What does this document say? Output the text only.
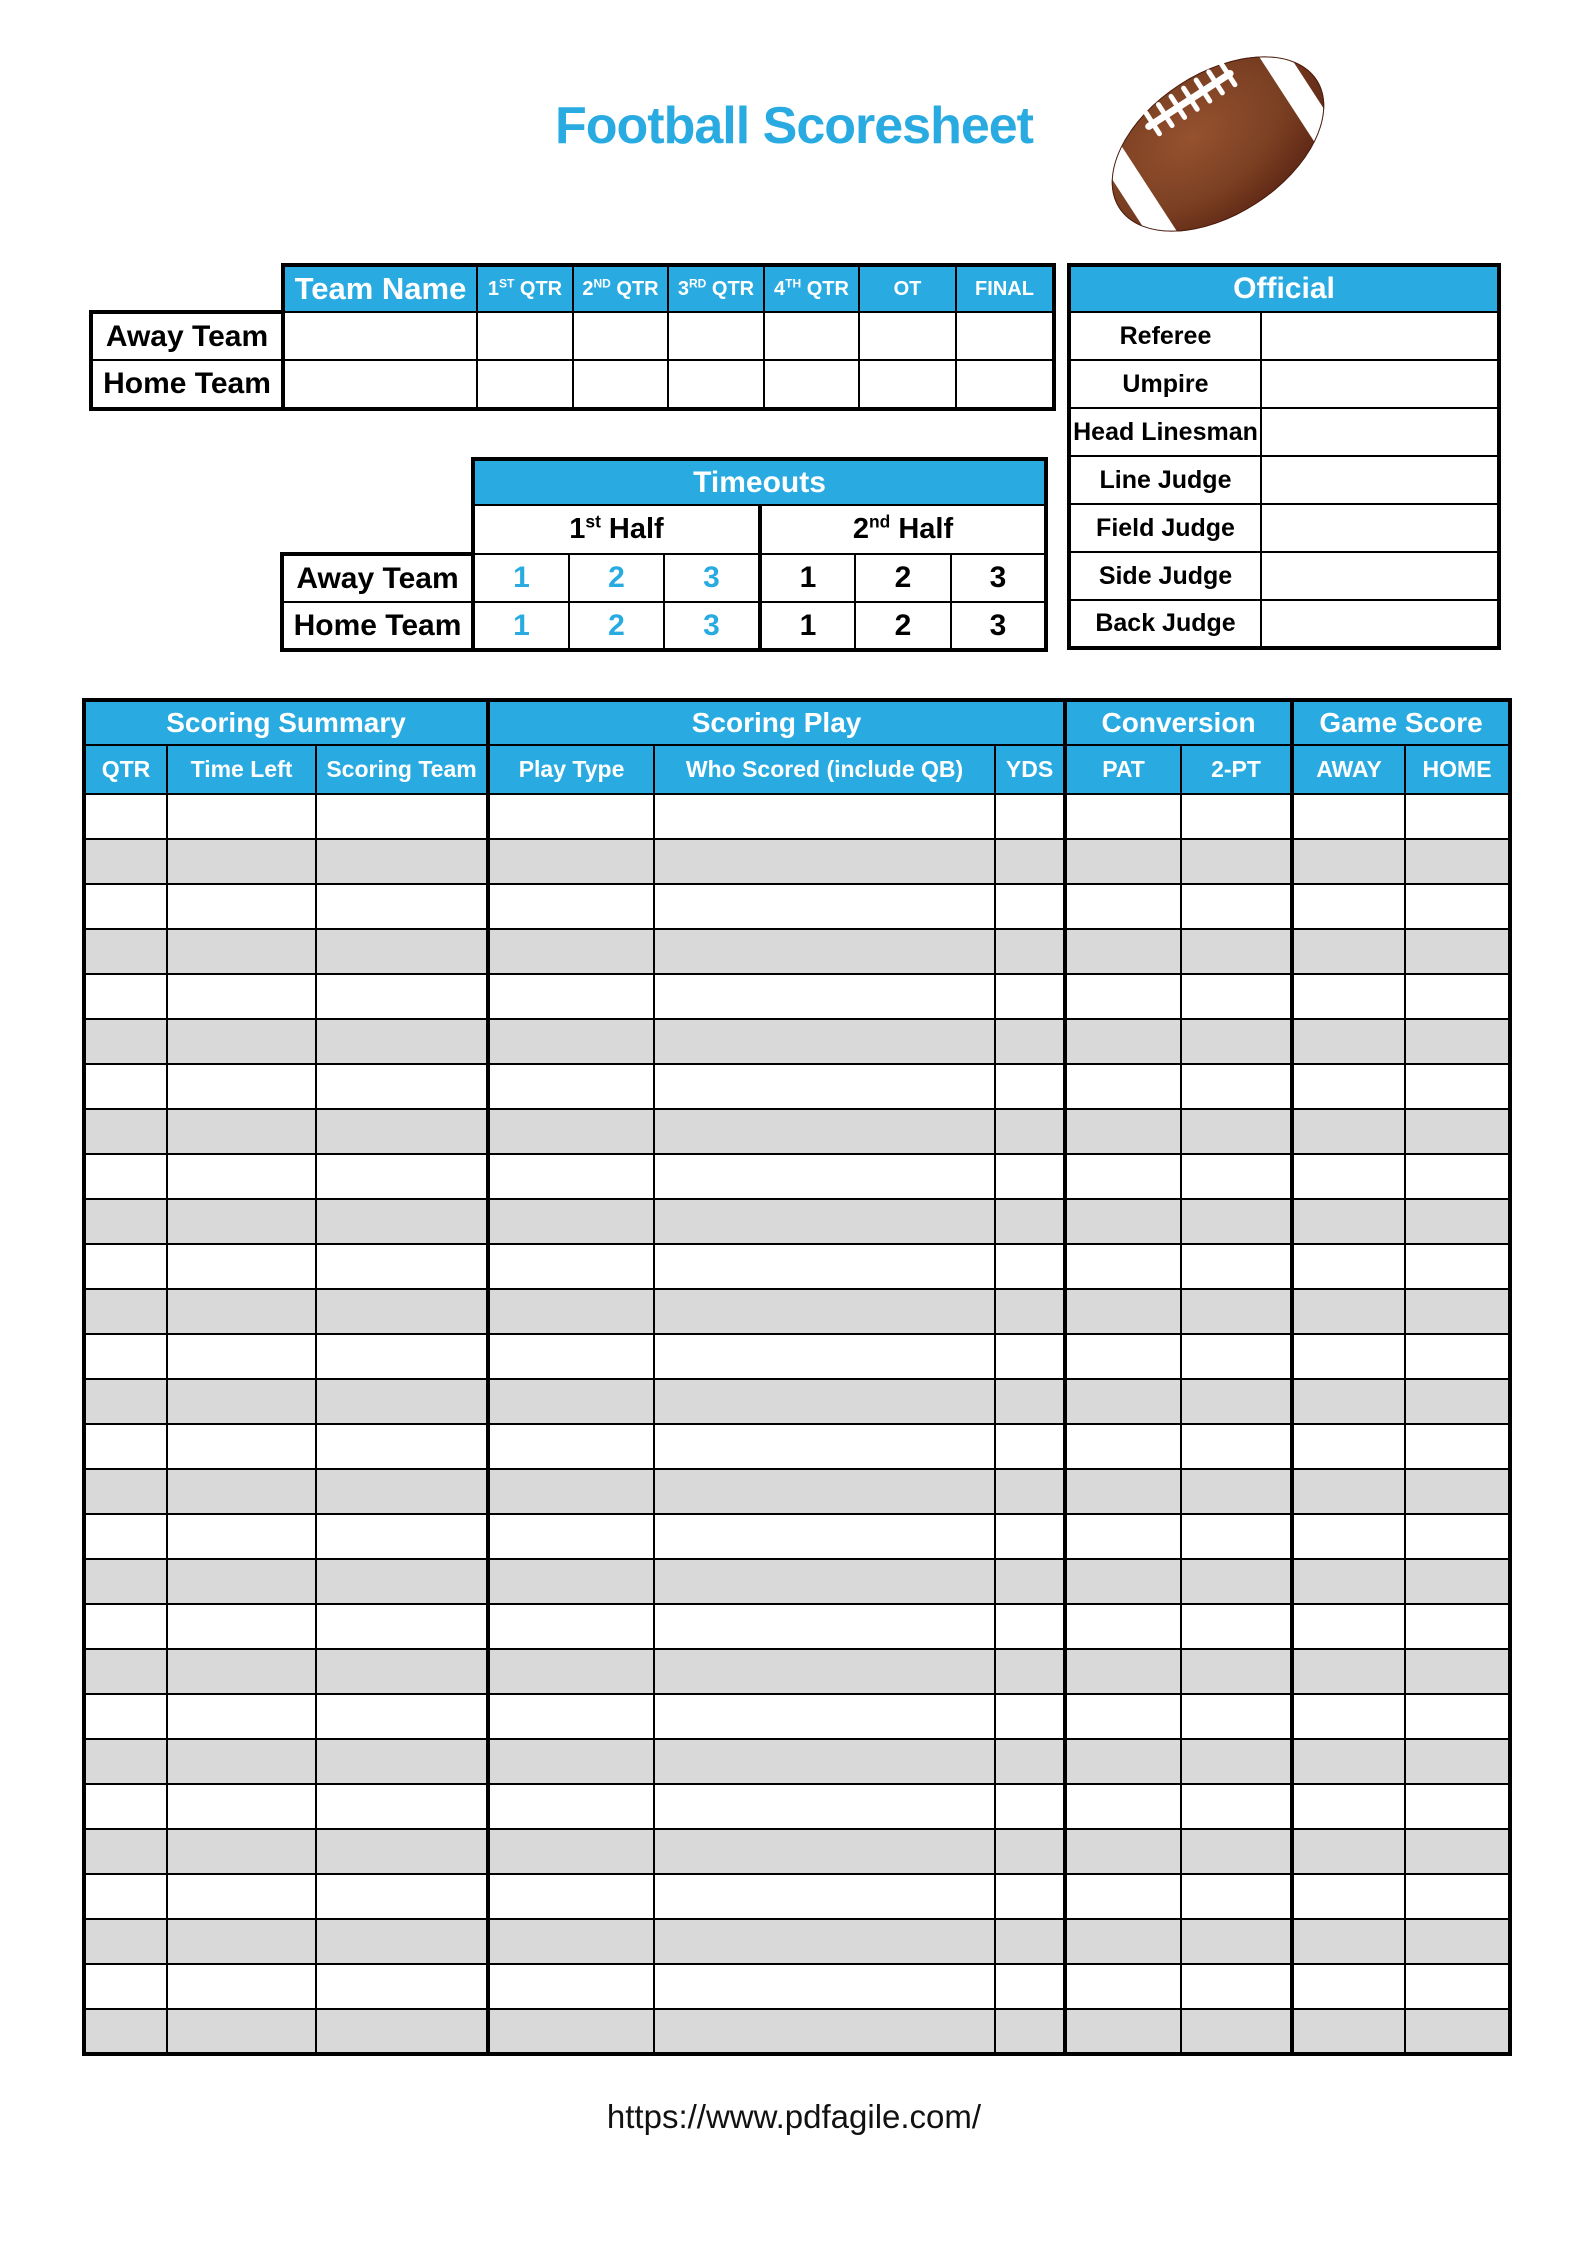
Football Scoresheet
	Team Name	1ST QTR	2ND QTR	3RD QTR	4TH QTR	OT	FINAL
Away Team							
Home Team							
Official	
Referee	
Umpire	
Head Linesman	
Line Judge	
Field Judge	
Side Judge	
Back Judge	
	Timeouts					
	1st Half			2nd Half		
Away Team	1	2	3	1	2	3
Home Team	1	2	3	1	2	3
Scoring Summary			Scoring Play			Conversion		Game Score	
QTR	Time Left	Scoring Team	Play Type	Who Scored (include QB)	YDS	PAT	2-PT	AWAY	HOME

https://www.pdfagile.com/
